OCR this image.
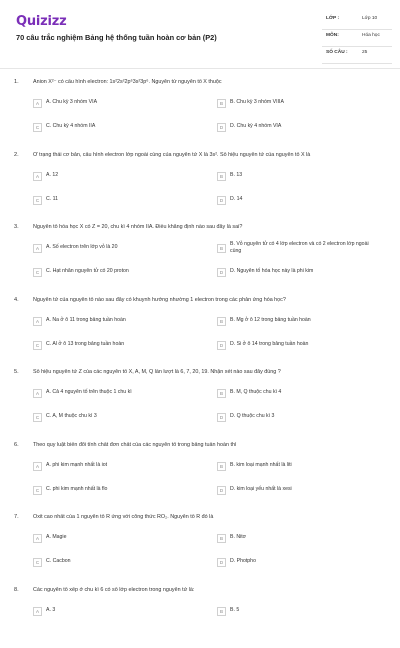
Quizizz
70 câu trắc nghiệm Bảng hệ thống tuần hoàn cơ bản (P2)
LỚP :	Lớp 10
MÔN:	Hóa học
SỐ CÂU :	25
1.	Anion X²⁻ có cấu hình electron: 1s²2s²2p⁶3s²3p⁶. Nguyên tử nguyên tố X thuộc
A	A. Chu kỳ 3 nhóm VIA	B	B. Chu kỳ 3 nhóm VIIIA
C	C. Chu kỳ 4 nhóm IIA	D	D. Chu kỳ 4 nhóm VIA
2.	Ở trạng thái cơ bản, cấu hình electron lớp ngoài cùng của nguyên tử X là 3s². Số hiệu nguyên tử của nguyên tố X là
A	A. 12	B	B. 13
C	C. 11	D	D. 14
3.	Nguyên tố hóa học X có Z = 20, chu kì 4 nhóm IIA. Điều khẳng định nào sau đây là sai?
A	A. Số electron trên lớp vỏ là 20	B
B. Vỏ nguyên tử có 4 lớp electron và có 2 electron lớp ngoài cùng
C	C. Hạt nhân nguyên tử có 20 proton	D	D. Nguyên tố hóa học này là phi kim
4.	Nguyên tử của nguyên tố nào sau đây có khuynh hướng nhường 1 electron trong các phản ứng hóa học?
A	A. Na ở ô 11 trong bảng tuần hoàn	B	B. Mg ở ô 12 trong bảng tuần hoàn
C	C. Al ở ô 13 trong bảng tuần hoàn	D	D. Si ở ô 14 trong bảng tuần hoàn
5.	Số hiệu nguyên tử Z của các nguyên tố X, A, M, Q lần lượt là 6, 7, 20, 19. Nhận xét nào sau đây đúng ?
A	A. Cả 4 nguyên tố trên thuộc 1 chu kì	B	B. M, Q thuộc chu kì 4
C	C. A, M thuộc chu kì 3	D	D. Q thuộc chu kì 3
6.	Theo quy luật biến đổi tính chất đơn chất của các nguyên tố trong bảng tuần hoàn thì
A	A. phi kim mạnh nhất là iot	B	B. kim loại mạnh nhất là liti
C	C. phi kim mạnh nhất là flo	D	D. kim loại yếu nhất là xesi
7.	Oxit cao nhất của 1 nguyên tố R ứng với công thức RO₂. Nguyên tố R đó là
A	A. Magie	B	B. Nitơ
C	C. Cacbon	D	D. Photpho
8.	Các nguyên tố xếp ở chu kì 6 có số lớp electron trong nguyên tử là:
A	A. 3	B	B. 5
